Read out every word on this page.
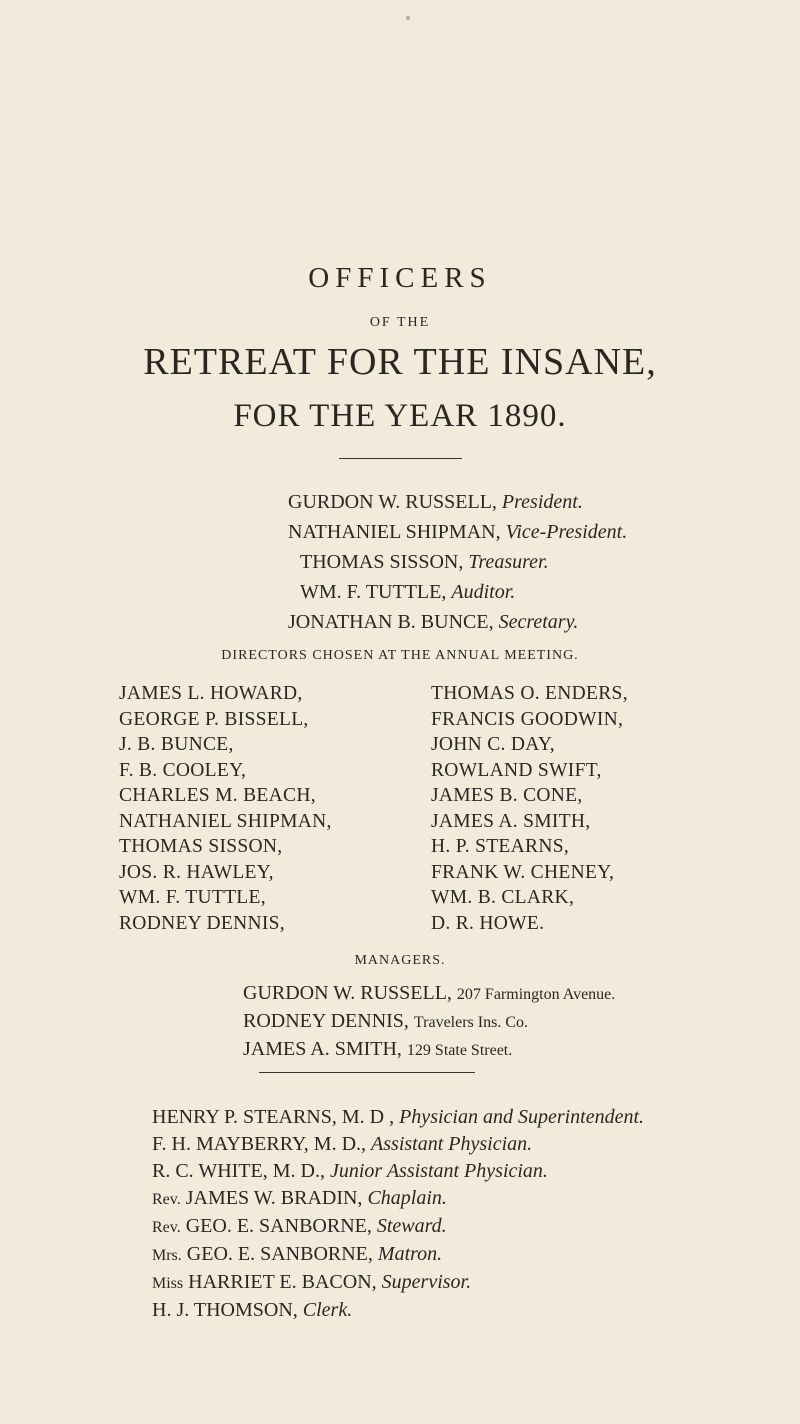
OFFICERS
OF THE
RETREAT FOR THE INSANE,
FOR THE YEAR 1890.
GURDON W. RUSSELL, President.
NATHANIEL SHIPMAN, Vice-President.
THOMAS SISSON, Treasurer.
WM. F. TUTTLE, Auditor.
JONATHAN B. BUNCE, Secretary.
DIRECTORS CHOSEN AT THE ANNUAL MEETING.
JAMES L. HOWARD,
GEORGE P. BISSELL,
J. B. BUNCE,
F. B. COOLEY,
CHARLES M. BEACH,
NATHANIEL SHIPMAN,
THOMAS SISSON,
JOS. R. HAWLEY,
WM. F. TUTTLE,
RODNEY DENNIS,
THOMAS O. ENDERS,
FRANCIS GOODWIN,
JOHN C. DAY,
ROWLAND SWIFT,
JAMES B. CONE,
JAMES A. SMITH,
H. P. STEARNS,
FRANK W. CHENEY,
WM. B. CLARK,
D. R. HOWE.
MANAGERS.
GURDON W. RUSSELL, 207 Farmington Avenue.
RODNEY DENNIS, Travelers Ins. Co.
JAMES A. SMITH, 129 State Street.
HENRY P. STEARNS, M. D , Physician and Superintendent.
F. H. MAYBERRY, M. D., Assistant Physician.
R. C. WHITE, M. D., Junior Assistant Physician.
Rev. JAMES W. BRADIN, Chaplain.
Rev. GEO. E. SANBORNE, Steward.
Mrs. GEO. E. SANBORNE, Matron.
Miss HARRIET E. BACON, Supervisor.
H. J. THOMSON, Clerk.
